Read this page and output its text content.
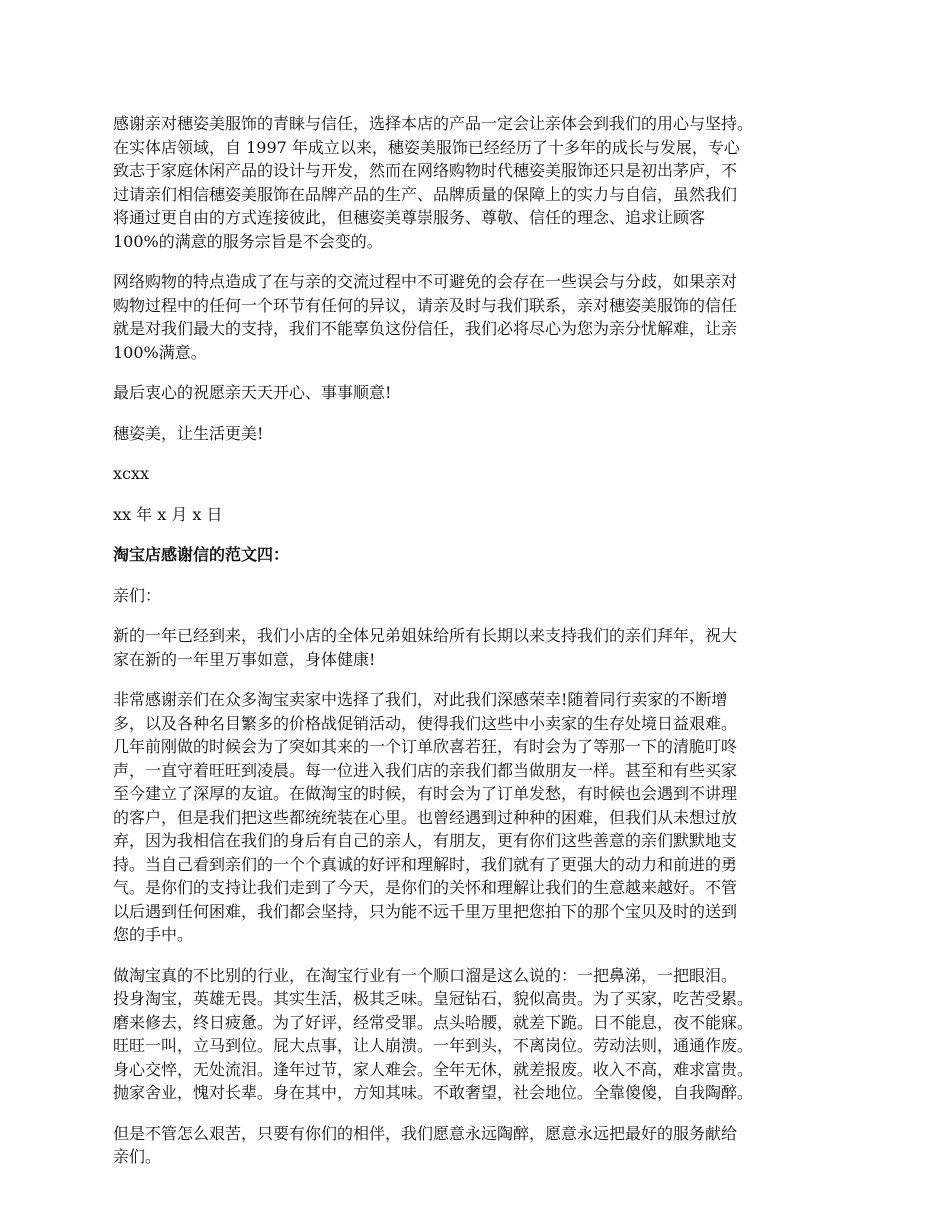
感谢亲对穗姿美服饰的青睐与信任，选择本店的产品一定会让亲体会到我们的用心与坚持。
在实体店领域，自 1997 年成立以来，穗姿美服饰已经经历了十多年的成长与发展，专心
致志于家庭休闲产品的设计与开发，然而在网络购物时代穗姿美服饰还只是初出茅庐，不
过请亲们相信穗姿美服饰在品牌产品的生产、品牌质量的保障上的实力与自信，虽然我们
将通过更自由的方式连接彼此，但穗姿美尊崇服务、尊敬、信任的理念、追求让顾客
100%的满意的服务宗旨是不会变的。

网络购物的特点造成了在与亲的交流过程中不可避免的会存在一些误会与分歧，如果亲对
购物过程中的任何一个环节有任何的异议，请亲及时与我们联系，亲对穗姿美服饰的信任
就是对我们最大的支持，我们不能辜负这份信任，我们必将尽心为您为亲分忧解难，让亲
100%满意。

最后衷心的祝愿亲天天开心、事事顺意!

穗姿美，让生活更美!

xcxx

xx 年 x 月 x 日

淘宝店感谢信的范文四：

亲们：

新的一年已经到来，我们小店的全体兄弟姐妹给所有长期以来支持我们的亲们拜年，祝大
家在新的一年里万事如意，身体健康!

非常感谢亲们在众多淘宝卖家中选择了我们，对此我们深感荣幸!随着同行卖家的不断增
多，以及各种名目繁多的价格战促销活动，使得我们这些中小卖家的生存处境日益艰难。
几年前刚做的时候会为了突如其来的一个订单欣喜若狂，有时会为了等那一下的清脆叮咚
声，一直守着旺旺到凌晨。每一位进入我们店的亲我们都当做朋友一样。甚至和有些买家
至今建立了深厚的友谊。在做淘宝的时候，有时会为了订单发愁，有时候也会遇到不讲理
的客户，但是我们把这些都统统装在心里。也曾经遇到过种种的困难，但我们从未想过放
弃，因为我相信在我们的身后有自己的亲人，有朋友，更有你们这些善意的亲们默默地支
持。当自己看到亲们的一个个真诚的好评和理解时，我们就有了更强大的动力和前进的勇
气。是你们的支持让我们走到了今天，是你们的关怀和理解让我们的生意越来越好。不管
以后遇到任何困难，我们都会坚持，只为能不远千里万里把您拍下的那个宝贝及时的送到
您的手中。

做淘宝真的不比别的行业，在淘宝行业有一个顺口溜是这么说的：一把鼻涕，一把眼泪。
投身淘宝，英雄无畏。其实生活，极其乏味。皇冠钻石，貌似高贵。为了买家，吃苦受累。
磨来修去，终日疲惫。为了好评，经常受罪。点头哈腰，就差下跪。日不能息，夜不能寐。
旺旺一叫，立马到位。屁大点事，让人崩溃。一年到头，不离岗位。劳动法则，通通作废。
身心交悴，无处流泪。逢年过节，家人难会。全年无休，就差报废。收入不高，难求富贵。
抛家舍业，愧对长辈。身在其中，方知其味。不敢奢望，社会地位。全靠傻傻，自我陶醉。

但是不管怎么艰苦，只要有你们的相伴，我们愿意永远陶醉，愿意永远把最好的服务献给
亲们。
